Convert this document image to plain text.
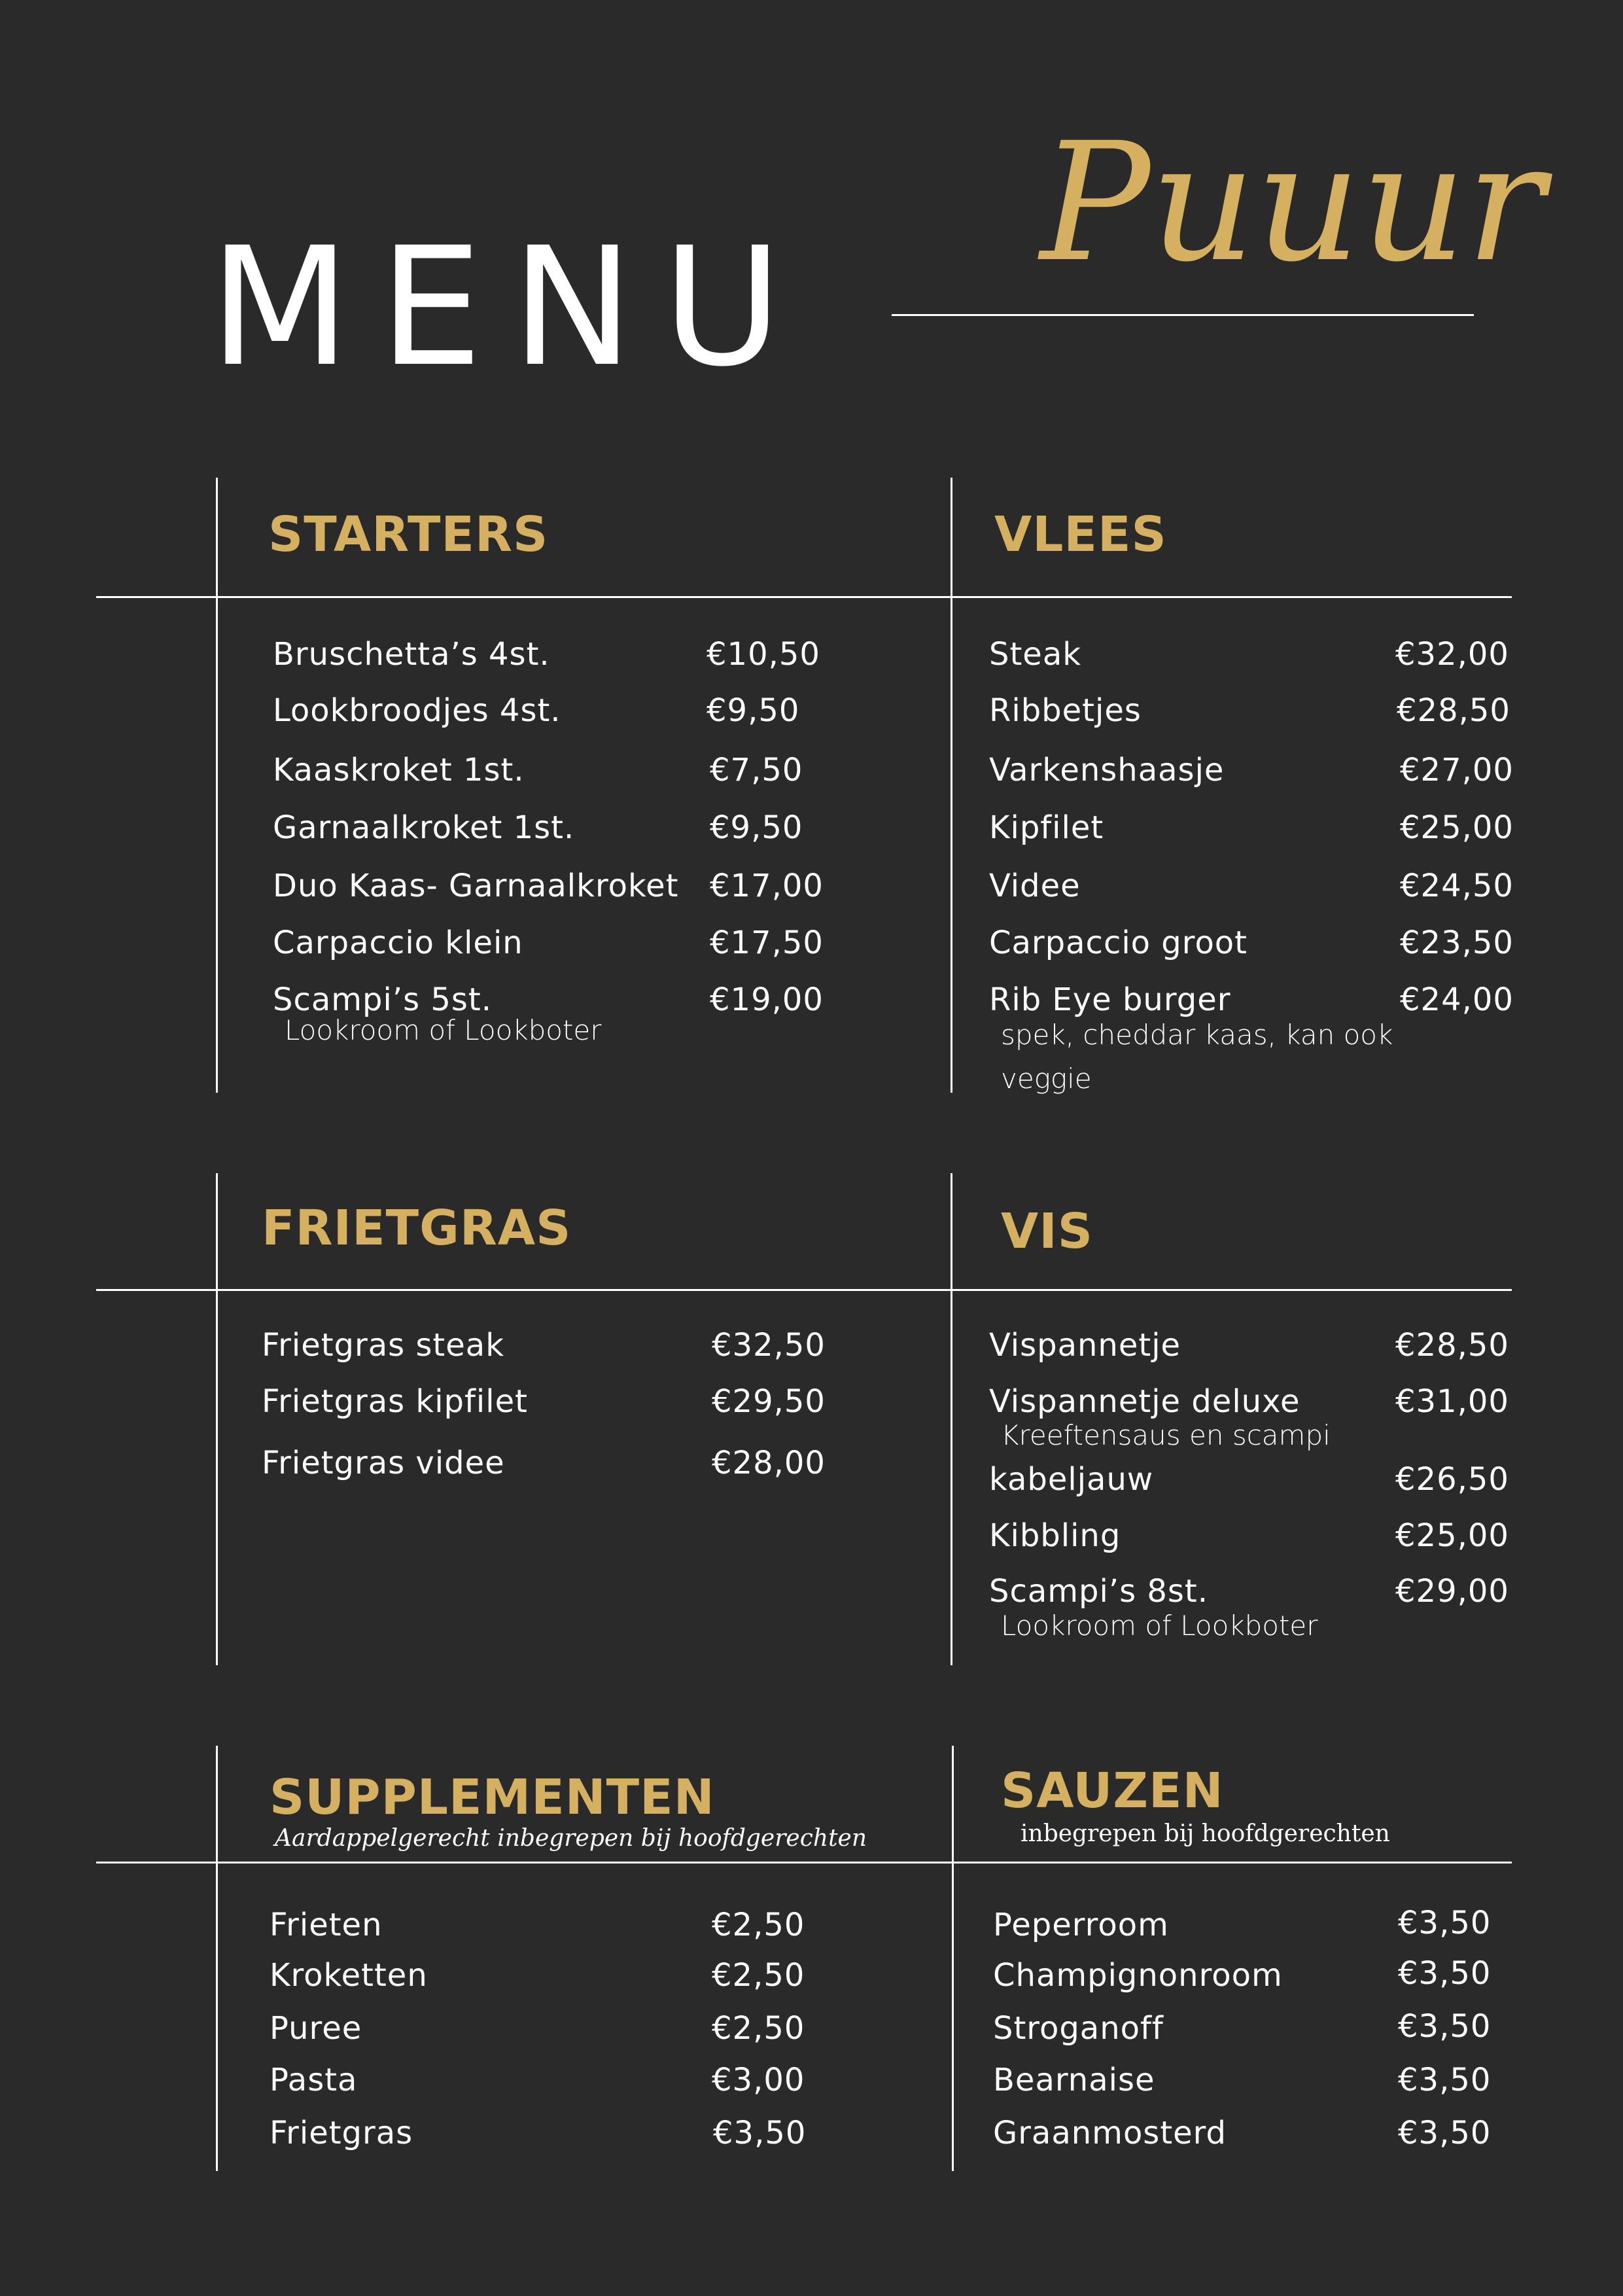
MENU
Puuur
STARTERS
Bruschetta’s 4st.	€10,50
Lookbroodjes 4st.	€9,50
Kaaskroket 1st.	€7,50
Garnaalkroket 1st.	€9,50
Duo Kaas- Garnaalkroket €17,00
Carpaccio klein	€17,50
Scampi’s 5st.	€19,00
Lookroom of Lookboter
VLEES
Steak	€32,00
Ribbetjes	€28,50
Varkenshaasje	€27,00
Kipfilet	€25,00
Videe	€24,50
Carpaccio groot	€23,50
Rib Eye burger	€24,00
spek, cheddar kaas, kan ook
veggie
FRIETGRAS
Frietgras steak	€32,50
Frietgras kipfilet	€29,50
Frietgras videe	€28,00
VIS
Vispannetje	€28,50
Vispannetje deluxe	€31,00
Kreeftensaus en scampi
kabeljauw	€26,50
Kibbling	€25,00
Scampi’s 8st.	€29,00
Lookroom of Lookboter
SUPPLEMENTEN
Aardappelgerecht inbegrepen bij hoofdgerechten
Frieten	€2,50
Kroketten	€2,50
Puree	€2,50
Pasta	€3,00
Frietgras	€3,50
SAUZEN
inbegrepen bij hoofdgerechten
Peperroom	€3,50
Champignonroom	€3,50
Stroganoff	€3,50
Bearnaise	€3,50
Graanmosterd	€3,50
